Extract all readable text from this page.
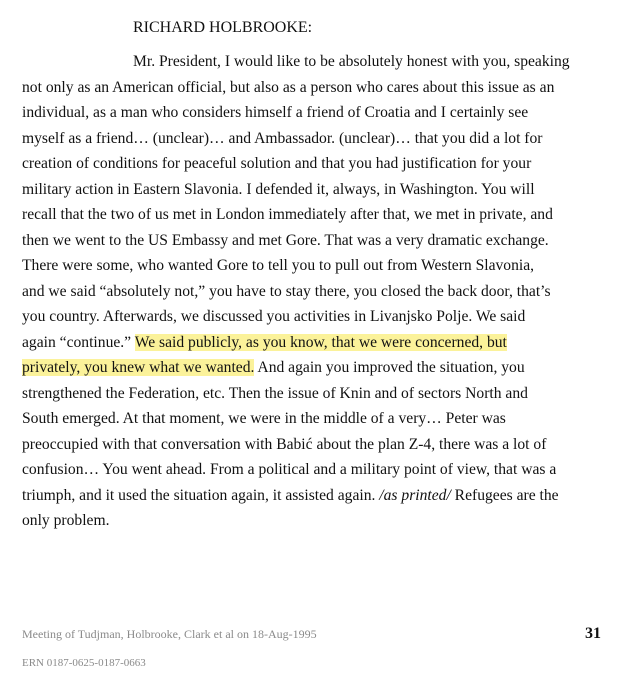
RICHARD HOLBROOKE:
Mr. President, I would like to be absolutely honest with you, speaking
not only as an American official, but also as a person who cares about this issue as an
individual, as a man who considers himself a friend of Croatia and I certainly see
myself as a friend… (unclear)… and Ambassador. (unclear)… that you did a lot for
creation of conditions for peaceful solution and that you had justification for your
military action in Eastern Slavonia. I defended it, always, in Washington. You will
recall that the two of us met in London immediately after that, we met in private, and
then we went to the US Embassy and met Gore. That was a very dramatic exchange.
There were some, who wanted Gore to tell you to pull out from Western Slavonia,
and we said “absolutely not,” you have to stay there, you closed the back door, that’s
you country. Afterwards, we discussed you activities in Livanjsko Polje. We said
again “continue.” We said publicly, as you know, that we were concerned, but
privately, you knew what we wanted. And again you improved the situation, you
strengthened the Federation, etc. Then the issue of Knin and of sectors North and
South emerged. At that moment, we were in the middle of a very… Peter was
preoccupied with that conversation with Babić about the plan Z-4, there was a lot of
confusion… You went ahead. From a political and a military point of view, that was a
triumph, and it used the situation again, it assisted again. /as printed/ Refugees are the
only problem.
Meeting of Tudjman, Holbrooke, Clark et al on 18-Aug-1995	31
ERN 0187-0625-0187-0663
